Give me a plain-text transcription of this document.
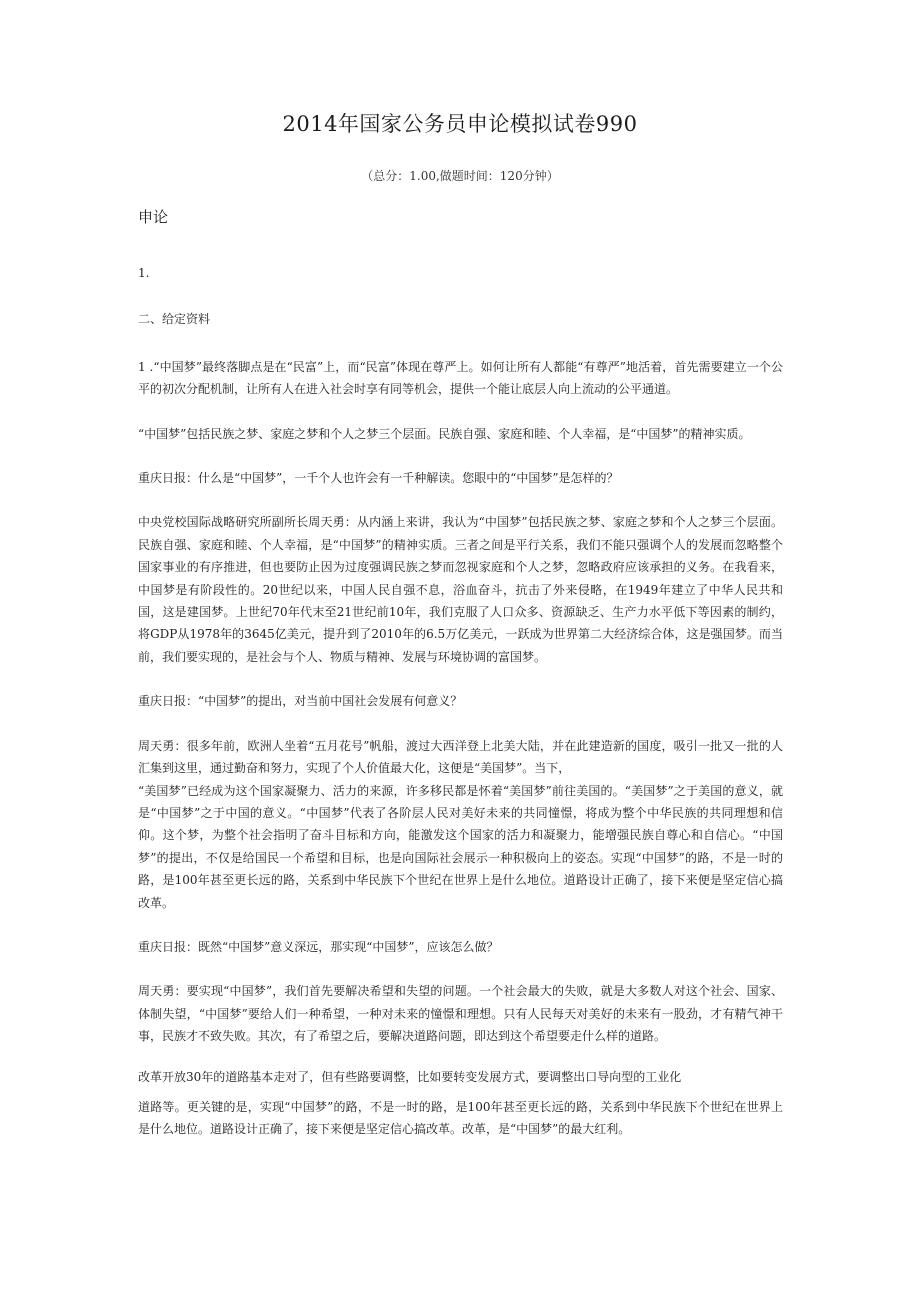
2014年国家公务员申论模拟试卷990
（总分：1.00,做题时间：120分钟）
申论

1.

二、给定资料

1 .“中国梦”最终落脚点是在“民富”上，而“民富”体现在尊严上。如何让所有人都能“有尊严”地活着，首先需要建立一个公平的初次分配机制，让所有人在进入社会时享有同等机会，提供一个能让底层人向上流动的公平通道。

“中国梦”包括民族之梦、家庭之梦和个人之梦三个层面。民族自强、家庭和睦、个人幸福，是“中国梦”的精神实质。

重庆日报：什么是“中国梦”，一千个人也许会有一千种解读。您眼中的“中国梦”是怎样的？

中央党校国际战略研究所副所长周天勇：从内涵上来讲，我认为“中国梦”包括民族之梦、家庭之梦和个人之梦三个层面。民族自强、家庭和睦、个人幸福，是“中国梦”的精神实质。三者之间是平行关系，我们不能只强调个人的发展而忽略整个国家事业的有序推进，但也要防止因为过度强调民族之梦而忽视家庭和个人之梦，忽略政府应该承担的义务。在我看来，中国梦是有阶段性的。20世纪以来，中国人民自强不息，浴血奋斗，抗击了外来侵略，在1949年建立了中华人民共和国，这是建国梦。上世纪70年代末至21世纪前10年，我们克服了人口众多、资源缺乏、生产力水平低下等因素的制约，将GDP从1978年的3645亿美元，提升到了2010年的6.5万亿美元，一跃成为世界第二大经济综合体，这是强国梦。而当前，我们要实现的，是社会与个人、物质与精神、发展与环境协调的富国梦。

重庆日报：“中国梦”的提出，对当前中国社会发展有何意义？

周天勇：很多年前，欧洲人坐着“五月花号”帆船，渡过大西洋登上北美大陆，并在此建造新的国度，吸引一批又一批的人汇集到这里，通过勤奋和努力，实现了个人价值最大化，这便是“美国梦”。当下，

“美国梦”已经成为这个国家凝聚力、活力的来源，许多移民都是怀着“美国梦”前往美国的。“美国梦”之于美国的意义，就是“中国梦”之于中国的意义。“中国梦”代表了各阶层人民对美好未来的共同憧憬，将成为整个中华民族的共同理想和信仰。这个梦，为整个社会指明了奋斗目标和方向，能激发这个国家的活力和凝聚力，能增强民族自尊心和自信心。“中国梦”的提出，不仅是给国民一个希望和目标，也是向国际社会展示一种积极向上的姿态。实现“中国梦”的路，不是一时的路，是100年甚至更长远的路，关系到中华民族下个世纪在世界上是什么地位。道路设计正确了，接下来便是坚定信心搞改革。

重庆日报：既然“中国梦”意义深远，那实现“中国梦”，应该怎么做？

周天勇：要实现“中国梦”，我们首先要解决希望和失望的问题。一个社会最大的失败，就是大多数人对这个社会、国家、体制失望，“中国梦”要给人们一种希望，一种对未来的憧憬和理想。只有人民每天对美好的未来有一股劲，才有精气神干事，民族才不致失败。其次，有了希望之后，要解决道路问题，即达到这个希望要走什么样的道路。

改革开放30年的道路基本走对了，但有些路要调整，比如要转变发展方式，要调整出口导向型的工业化

道路等。更关键的是，实现“中国梦”的路，不是一时的路，是100年甚至更长远的路，关系到中华民族下个世纪在世界上是什么地位。道路设计正确了，接下来便是坚定信心搞改革。改革，是“中国梦”的最大红利。
